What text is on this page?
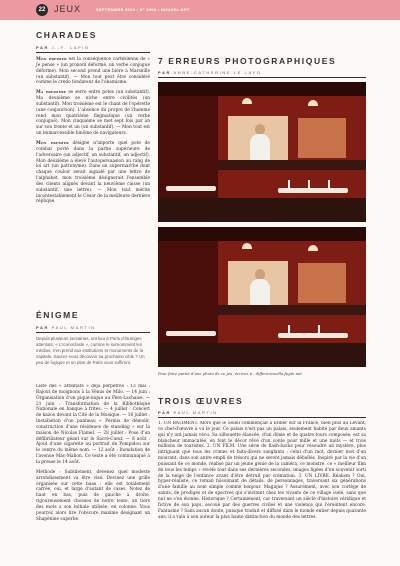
22 JEUX	SEPTEMBRE 2013 • N° 2800 • NOUVEL ART
CHARADES
PAR J.-F. LAPIN

Mon premier est la conséquence cartésienne de « Je pense » (un pronom déformé, un verbe conjugué déformé). Mon second prend une bière à Marseille (un substantif). — Mon tout peut être considéré comme le credo fondateur de l'obamisme.

Ma première se serre entre potes (un substantif). Ma deuxième se niche entre civilités (un substantif). Mon troisième est le chant de l'opérette (une conjonction). L'absence du propre de l'homme rend mon quatrième flegmatique (un verbe conjugué). Mon cinquième se met sept fois par an sur son trente et un (un substantif). — Mon tout est un immarcessible binôme de navigateurs.

Mon premier désigne n'importe quel pote de combat porté dans la partie supérieure de l'adversaire (un adjectif, un substantif, un adjectif). Mon deuxième a élevé l'autopersuasion au rang de loi art (un patronyme). Dans un supermarché dont chaque couloir serait signalé par une lettre de l'alphabet, mon troisième désignerait l'ensemble des clients alignés devant la neuvième caisse (un substantif, une lettre). — Mon tout mérite incontestablement le César de la meilleure dernière réplique.

ÉNIGME
PAR PAUL MARTIN
Depuis plusieurs semaines, ont lieu à Paris d'étranges attentats, « L'Iconoclaste », comme le surnomment les médias, s'en prend aux institutions et monuments de la capitale. Saurez-vous découvrir sa prochaine cible ? Un peu de logique et un plan de Paris vous suffiront.

Liste des « attentats » déjà perpétrés : 13 mai : Rajout de moignons à la Vénus de Milo. — 14 juin : Organisation d'un pique-nique au Père-Lachaise. — 21 juin : Transformation de la Bibliothèque Nationale en banque à frites. — 4 juillet : Concert de kazoo devant la Cité de la Musique. — 16 juillet : Installation d'un panneau « Permis de démolir, construction d'une résidence de standing » sur la maison de Nicolas Flamel. — 28 juillet : Pose d'un défibrillateur géant sur le Sacré-Cœur. — 8 août : Ajout d'une cigarette au portrait de Pompidou sur le centre du même nom. — 12 août : Inondation de l'avenue Mac-Mahon. Ce texte a été communiqué à la presse le 14 août.

Méthode : Subtilement, devenez quel modeste arrondissement va être visé. Devinez une grille organisée sur cette base : elle est totalement carrée, oui, et large d'autant de cases. Notez de haut en bas, puis de gauche à droite, rigoureusement choisies de notre texte, un tiers des mots a son initiale utilisée, en colonne. Vous pourrez alors lire l'obscure maxime désignant un Shapénine superbe.

7 ERREURS PHOTOGRAPHIQUES
PAR ANNE-CATHERINE LE LAYO
Pour faire partie d'une photo de ce jeu, écrivez à : differencevilla.fugin.net
TROIS ŒUVRES
PAR PAUL MARTIN
1. UN BÂTIMENT. Alors que le Soleil commençait à briller sur la France, bien plus au Levant, ce chef-d'œuvre a vu le jour. Ce palais n'est pas un palais, seulement habité par deux amants qui n'y ont jamais vécu. Sa silhouette élancée, d'un dôme et de quatre tours composée, est sa blancheur immaculée, en font le décor rêvé d'un conte pour mille et une nuits — et trois millions de touristes. 2. UN FILM. Une série de flash-backs pour résoudre un mystère, plus intriguant que tous les crimes et faits-divers sanglants : celui d'un mot, dernier mot d'un mourant, dans son antre emplí de trésors qui ne seront jamais déballés. Inspiré par la vie d'un puissant de ce monde, réalisé par un jeune génie de la caméra, ce monstre, ce « meilleur film de tous les temps » révèle tout dans ses dernières secondes, images figées d'un souvenir sorti de la neige de l'enfance avant d'être détruit par crémation. 3. UN LIVRE. Réalism ? Oui, hyper-réaliste, ce roman foisonnant de détails, de personnages, traversant six générations d'une famille au nom simple comme bonjour. Magique ? Assurément, avec son cortège de saints, de prodiges et de spectres qui s'invitent chez les vivants de ce village isolé, sans que nul ne s'en étonne. Historique ? Certainement, car traversant un siècle d'histoire véridique et fictive de son pays, secoué par des guerres civiles et une violence qui l'éreintent encore. Fantasme ? Sans aucun doute, puisque traduit et diffusé dans le monde entier depuis quarante ans, il a valu à son auteur la plus haute distinction du monde des lettres.
